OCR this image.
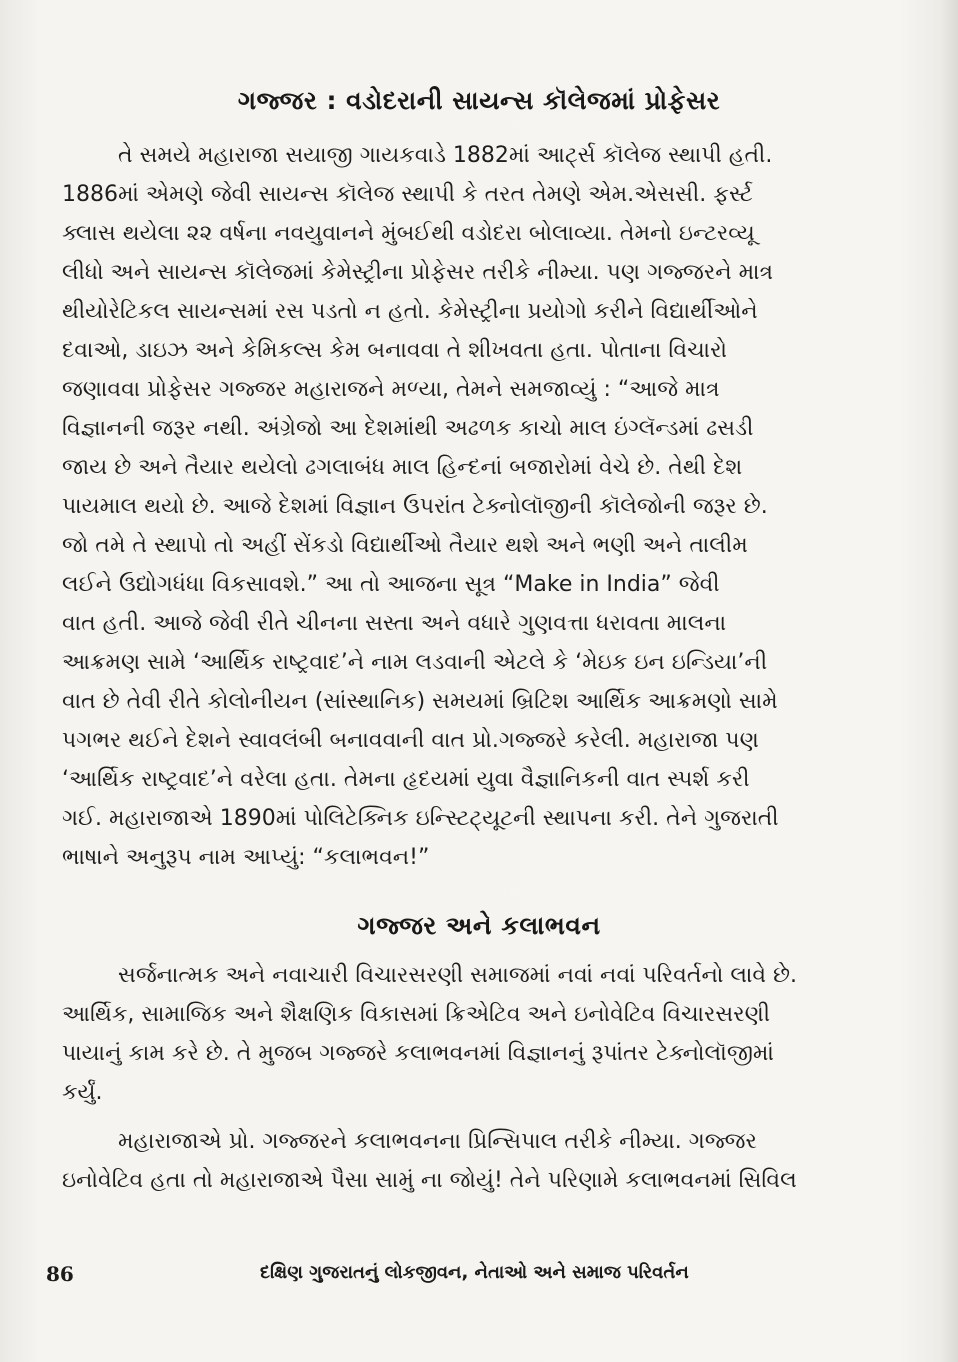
ગજ્જર : વડોદરાની સાયન્સ કૉલેજમાં પ્રોફેસર
તે સમયે મહારાજા સયાજી ગાયકવાડે 1882માં આર્ટ્સ કૉલેજ સ્થાપી હતી.
1886માં એમણે જેવી સાયન્સ કૉલેજ સ્થાપી કે તરત તેમણે એમ.એસસી. ફર્સ્ટ
ક્લાસ થયેલા ૨૨ વર્ષના નવયુવાનને મુંબઈથી વડોદરા બોલાવ્યા. તેમનો ઇન્ટરવ્યૂ
લીધો અને સાયન્સ કૉલેજમાં કેમેસ્ટ્રીના પ્રોફેસર તરીકે નીમ્યા. પણ ગજ્જરને માત્ર
થીયોરેટિકલ સાયન્સમાં રસ પડતો ન હતો. કેમેસ્ટ્રીના પ્રયોગો કરીને વિદ્યાર્થીઓને
દવાઓ, ડાઇઝ અને કેમિકલ્સ કેમ બનાવવા તે શીખવતા હતા. પોતાના વિચારો
જણાવવા પ્રોફેસર ગજ્જર મહારાજને મળ્યા, તેમને સમજાવ્યું : “આજે માત્ર
વિજ્ઞાનની જરૂર નથી. અંગ્રેજો આ દેશમાંથી અઢળક કાચો માલ ઇંગ્લૅન્ડમાં ઢસડી
જાય છે અને તૈયાર થયેલો ઢગલાબંધ માલ હિન્દનાં બજારોમાં વેચે છે. તેથી દેશ
પાયમાલ થયો છે. આજે દેશમાં વિજ્ઞાન ઉપરાંત ટેક્નોલૉજીની કૉલેજોની જરૂર છે.
જો તમે તે સ્થાપો તો અહીં સેંકડો વિદ્યાર્થીઓ તૈયાર થશે અને ભણી અને તાલીમ
લઈને ઉદ્યોગધંધા વિકસાવશે.” આ તો આજના સૂત્ર “Make in India” જેવી
વાત હતી. આજે જેવી રીતે ચીનના સસ્તા અને વધારે ગુણવત્તા ધરાવતા માલના
આક્રમણ સામે ‘આર્થિક રાષ્ટ્રવાદ’ને નામ લડવાની એટલે કે ‘મેઇક ઇન ઇન્ડિયા’ની
વાત છે તેવી રીતે કોલોનીયન (સાંસ્થાનિક) સમયમાં બ્રિટિશ આર્થિક આક્રમણો સામે
પગભર થઈને દેશને સ્વાવલંબી બનાવવાની વાત પ્રો.ગજ્જરે કરેલી. મહારાજા પણ
‘આર્થિક રાષ્ટ્રવાદ’ને વરેલા હતા. તેમના હૃદયમાં યુવા વૈજ્ઞાનિકની વાત સ્પર્શ કરી
ગઈ. મહારાજાએ 1890માં પોલિટેક્નિક ઇન્સ્ટિટ્યૂટની સ્થાપના કરી. તેને ગુજરાતી
ભાષાને અનુરૂપ નામ આપ્યું: “કલાભવન!”
ગજ્જર અને કલાભવન
સર્જનાત્મક અને નવાચારી વિચારસરણી સમાજમાં નવાં નવાં પરિવર્તનો લાવે છે.
આર્થિક, સામાજિક અને શૈક્ષણિક વિકાસમાં ક્રિએટિવ અને ઇનોવેટિવ વિચારસરણી
પાયાનું કામ કરે છે. તે મુજબ ગજ્જરે કલાભવનમાં વિજ્ઞાનનું રૂપાંતર ટેક્નોલૉજીમાં
કર્યું.
મહારાજાએ પ્રો. ગજ્જરને કલાભવનના પ્રિન્સિપાલ તરીકે નીમ્યા. ગજ્જર
ઇનોવેટિવ હતા તો મહારાજાએ પૈસા સામું ના જોયું! તેને પરિણામે કલાભવનમાં સિવિલ
86	દક્ષિણ ગુજરાતનું લોકજીવન, નેતાઓ અને સમાજ પરિવર્તન
